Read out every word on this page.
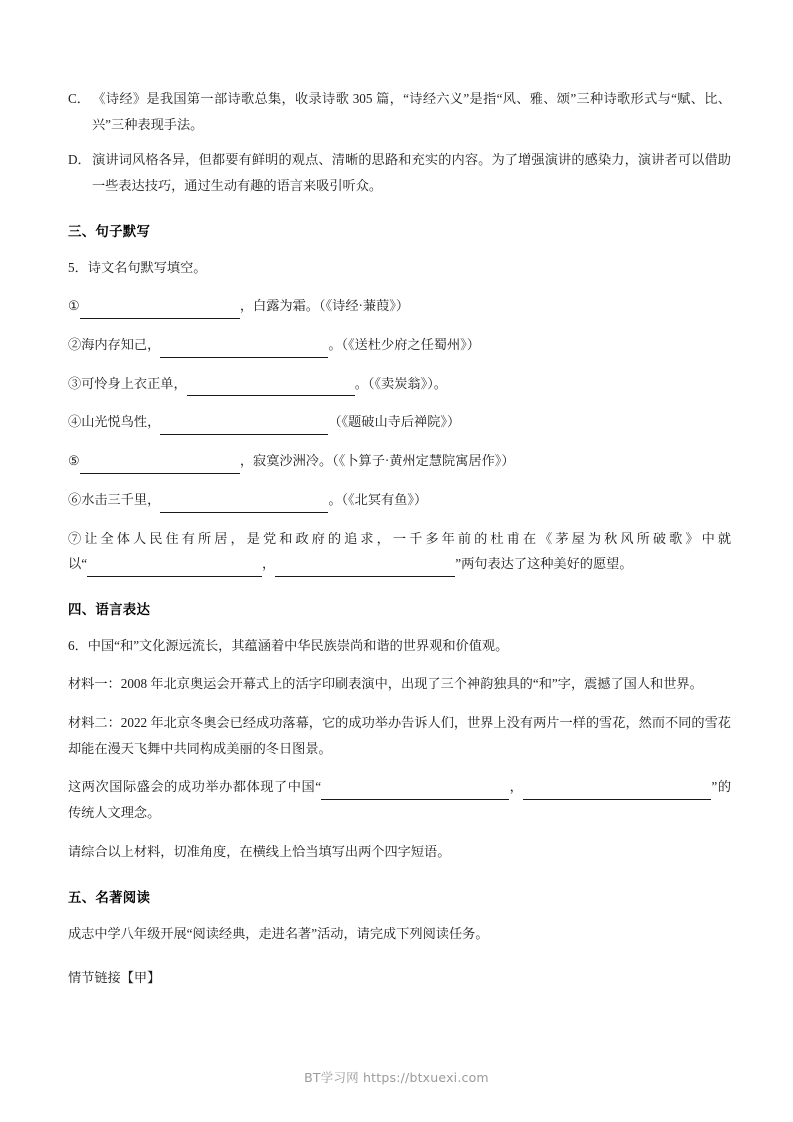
C． 《诗经》是我国第一部诗歌总集，收录诗歌 305 篇，“诗经六义”是指“风、雅、颂”三种诗歌形式与“赋、比、兴”三种表现手法。

D．演讲词风格各异，但都要有鲜明的观点、清晰的思路和充实的内容。为了增强演讲的感染力，演讲者可以借助一些表达技巧，通过生动有趣的语言来吸引听众。

三、句子默写

5．诗文名句默写填空。

①	，白露为霜。（《诗经·蒹葭》）

②海内存知己，	。（《送杜少府之任蜀州》）

③可怜身上衣正单，	。（《卖炭翁》）。

④山光悦鸟性，	（《题破山寺后禅院》）

⑤	，寂寞沙洲冷。（《卜算子·黄州定慧院寓居作》）

⑥水击三千里，	。（《北冥有鱼》）

⑦让全体人民住有所居，是党和政府的追求，一千多年前的杜甫在《茅屋为秋风所破歌》中就以“	，	”两句表达了这种美好的愿望。

四、语言表达

6．中国“和”文化源远流长，其蕴涵着中华民族崇尚和谐的世界观和价值观。

材料一：2008 年北京奥运会开幕式上的活字印刷表演中，出现了三个神韵独具的“和”字，震撼了国人和世界。

材料二：2022 年北京冬奥会已经成功落幕，它的成功举办告诉人们，世界上没有两片一样的雪花，然而不同的雪花却能在漫天飞舞中共同构成美丽的冬日图景。

这两次国际盛会的成功举办都体现了中国“	，	”的传统人文理念。

请综合以上材料，切准角度，在横线上恰当填写出两个四字短语。

五、名著阅读

成志中学八年级开展“阅读经典，走进名著”活动，请完成下列阅读任务。

情节链接【甲】

BT学习网 https://btxuexi.com
